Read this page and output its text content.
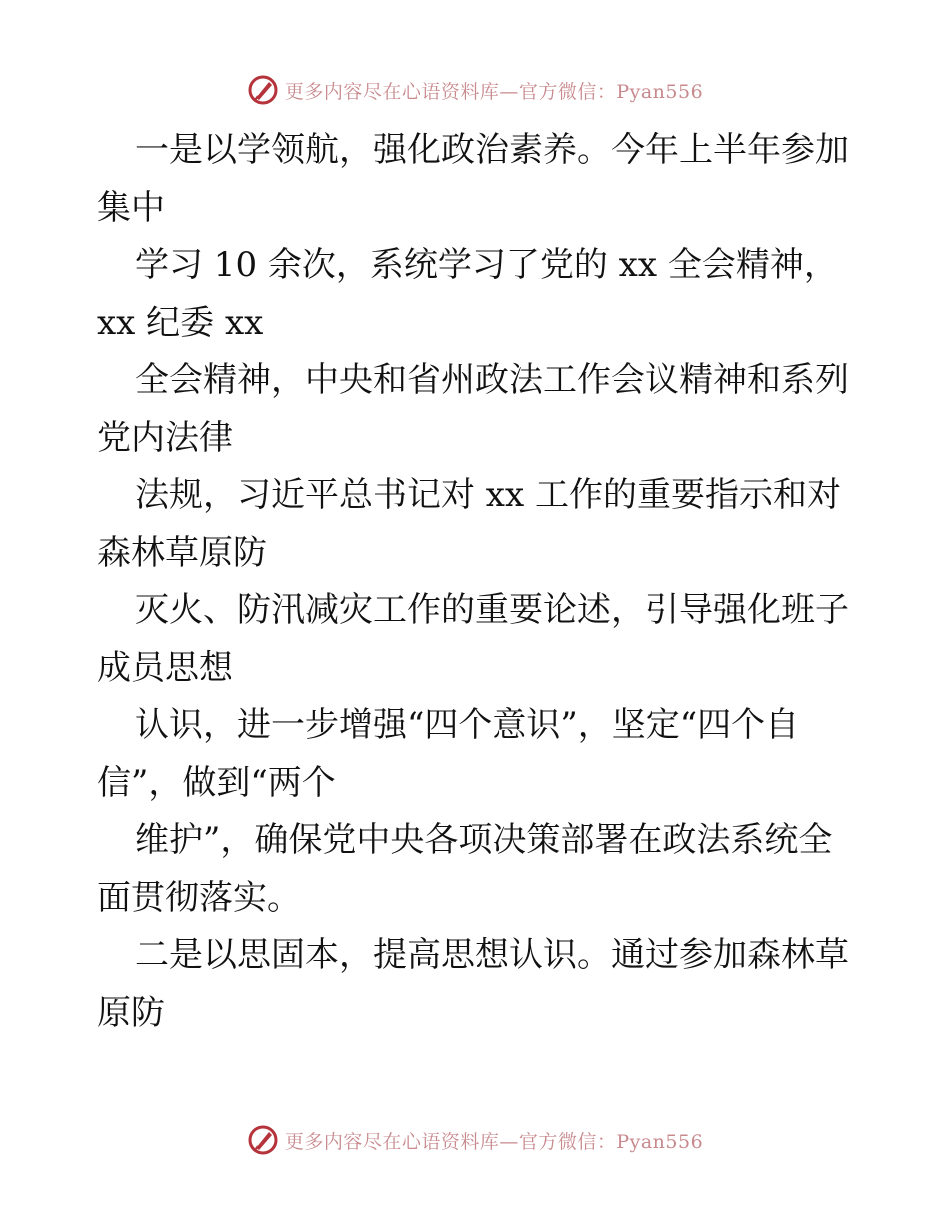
更多内容尽在心语资料库—官方微信：Pyan556
一是以学领航，强化政治素养。今年上半年参加
集中
学习 10 余次，系统学习了党的 xx 全会精神，
xx 纪委 xx
全会精神，中央和省州政法工作会议精神和系列
党内法律
法规，习近平总书记对 xx 工作的重要指示和对
森林草原防
灭火、防汛减灾工作的重要论述，引导强化班子
成员思想
认识，进一步增强“四个意识”，坚定“四个自
信”，做到“两个
维护”，确保党中央各项决策部署在政法系统全
面贯彻落实。
二是以思固本，提高思想认识。通过参加森林草
原防
更多内容尽在心语资料库—官方微信：Pyan556
